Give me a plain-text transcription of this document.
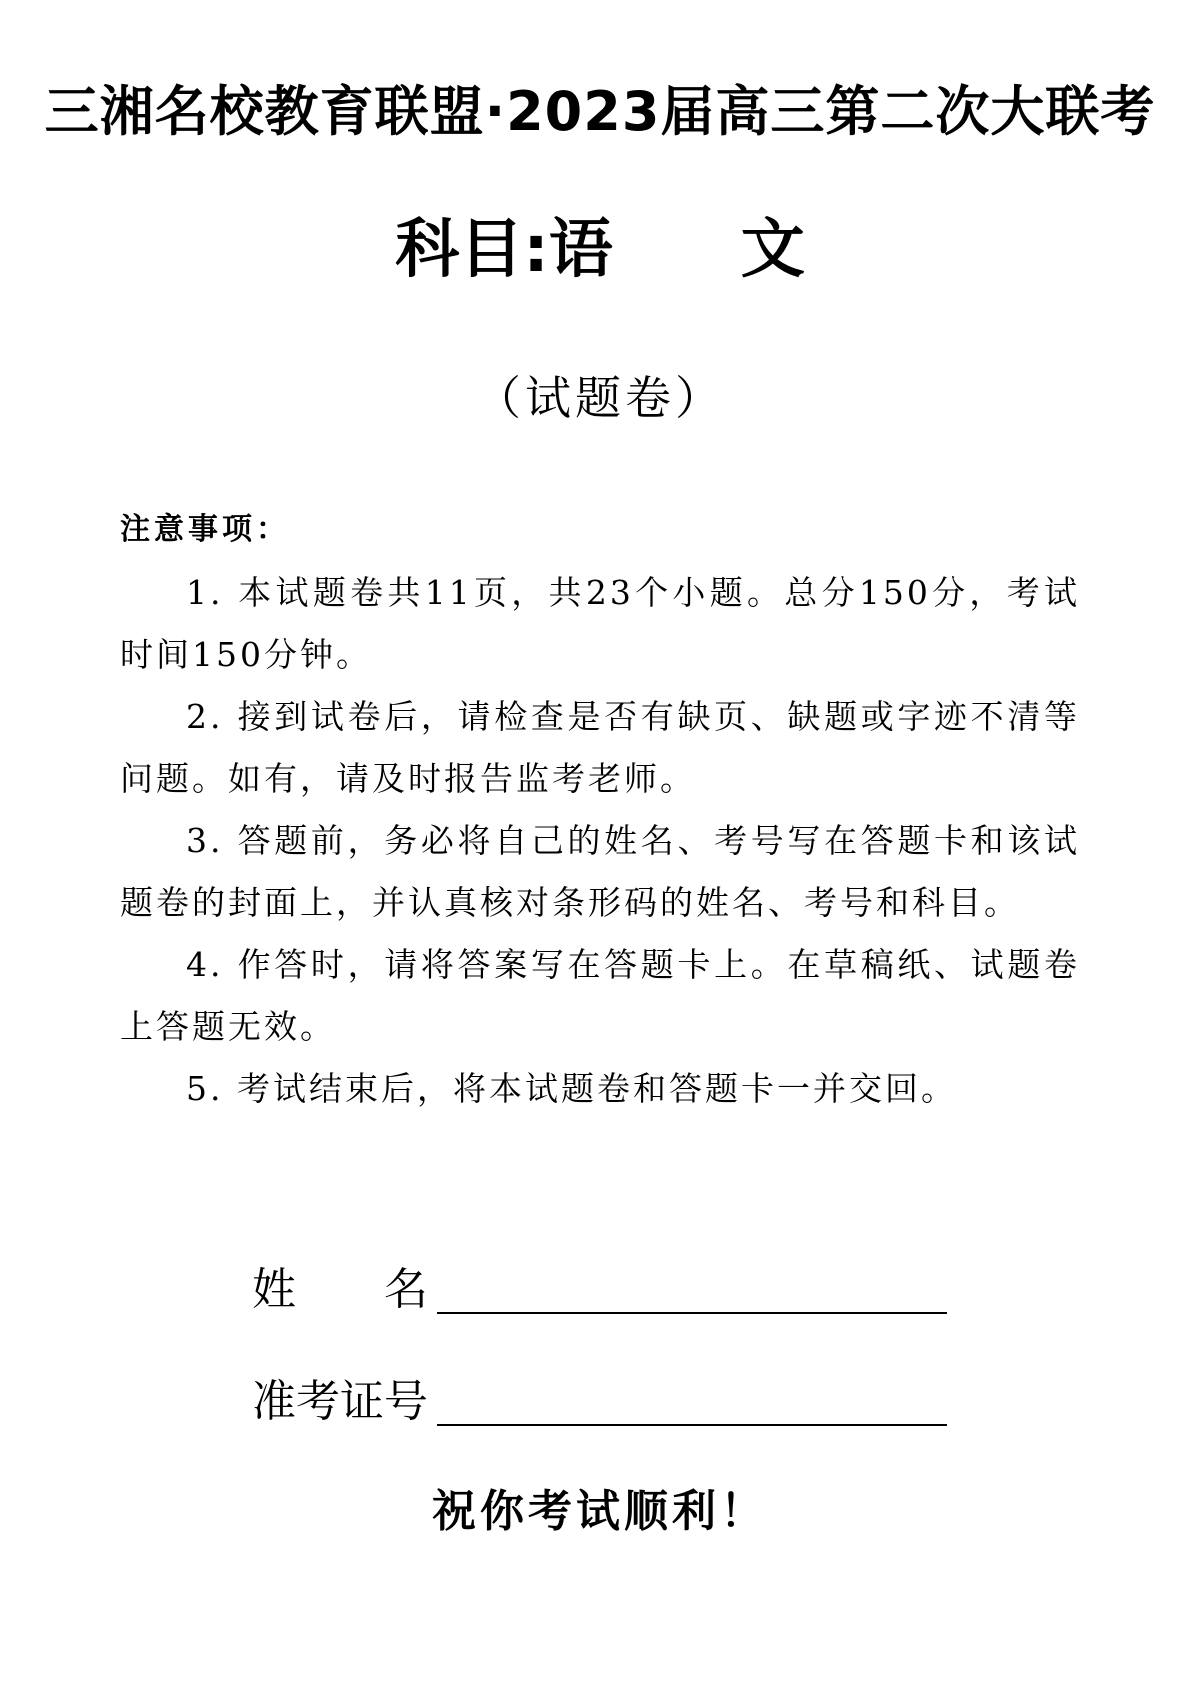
三湘名校教育联盟·2023届高三第二次大联考
科目:语　　文
（试题卷）
注意事项：

1. 本试题卷共11页，共23个小题。总分150分，考试时间150分钟。

2. 接到试卷后，请检查是否有缺页、缺题或字迹不清等问题。如有，请及时报告监考老师。

3. 答题前，务必将自己的姓名、考号写在答题卡和该试题卷的封面上，并认真核对条形码的姓名、考号和科目。

4. 作答时，请将答案写在答题卡上。在草稿纸、试题卷上答题无效。

5. 考试结束后，将本试题卷和答题卡一并交回。

姓　　名
准考证号
祝你考试顺利！
